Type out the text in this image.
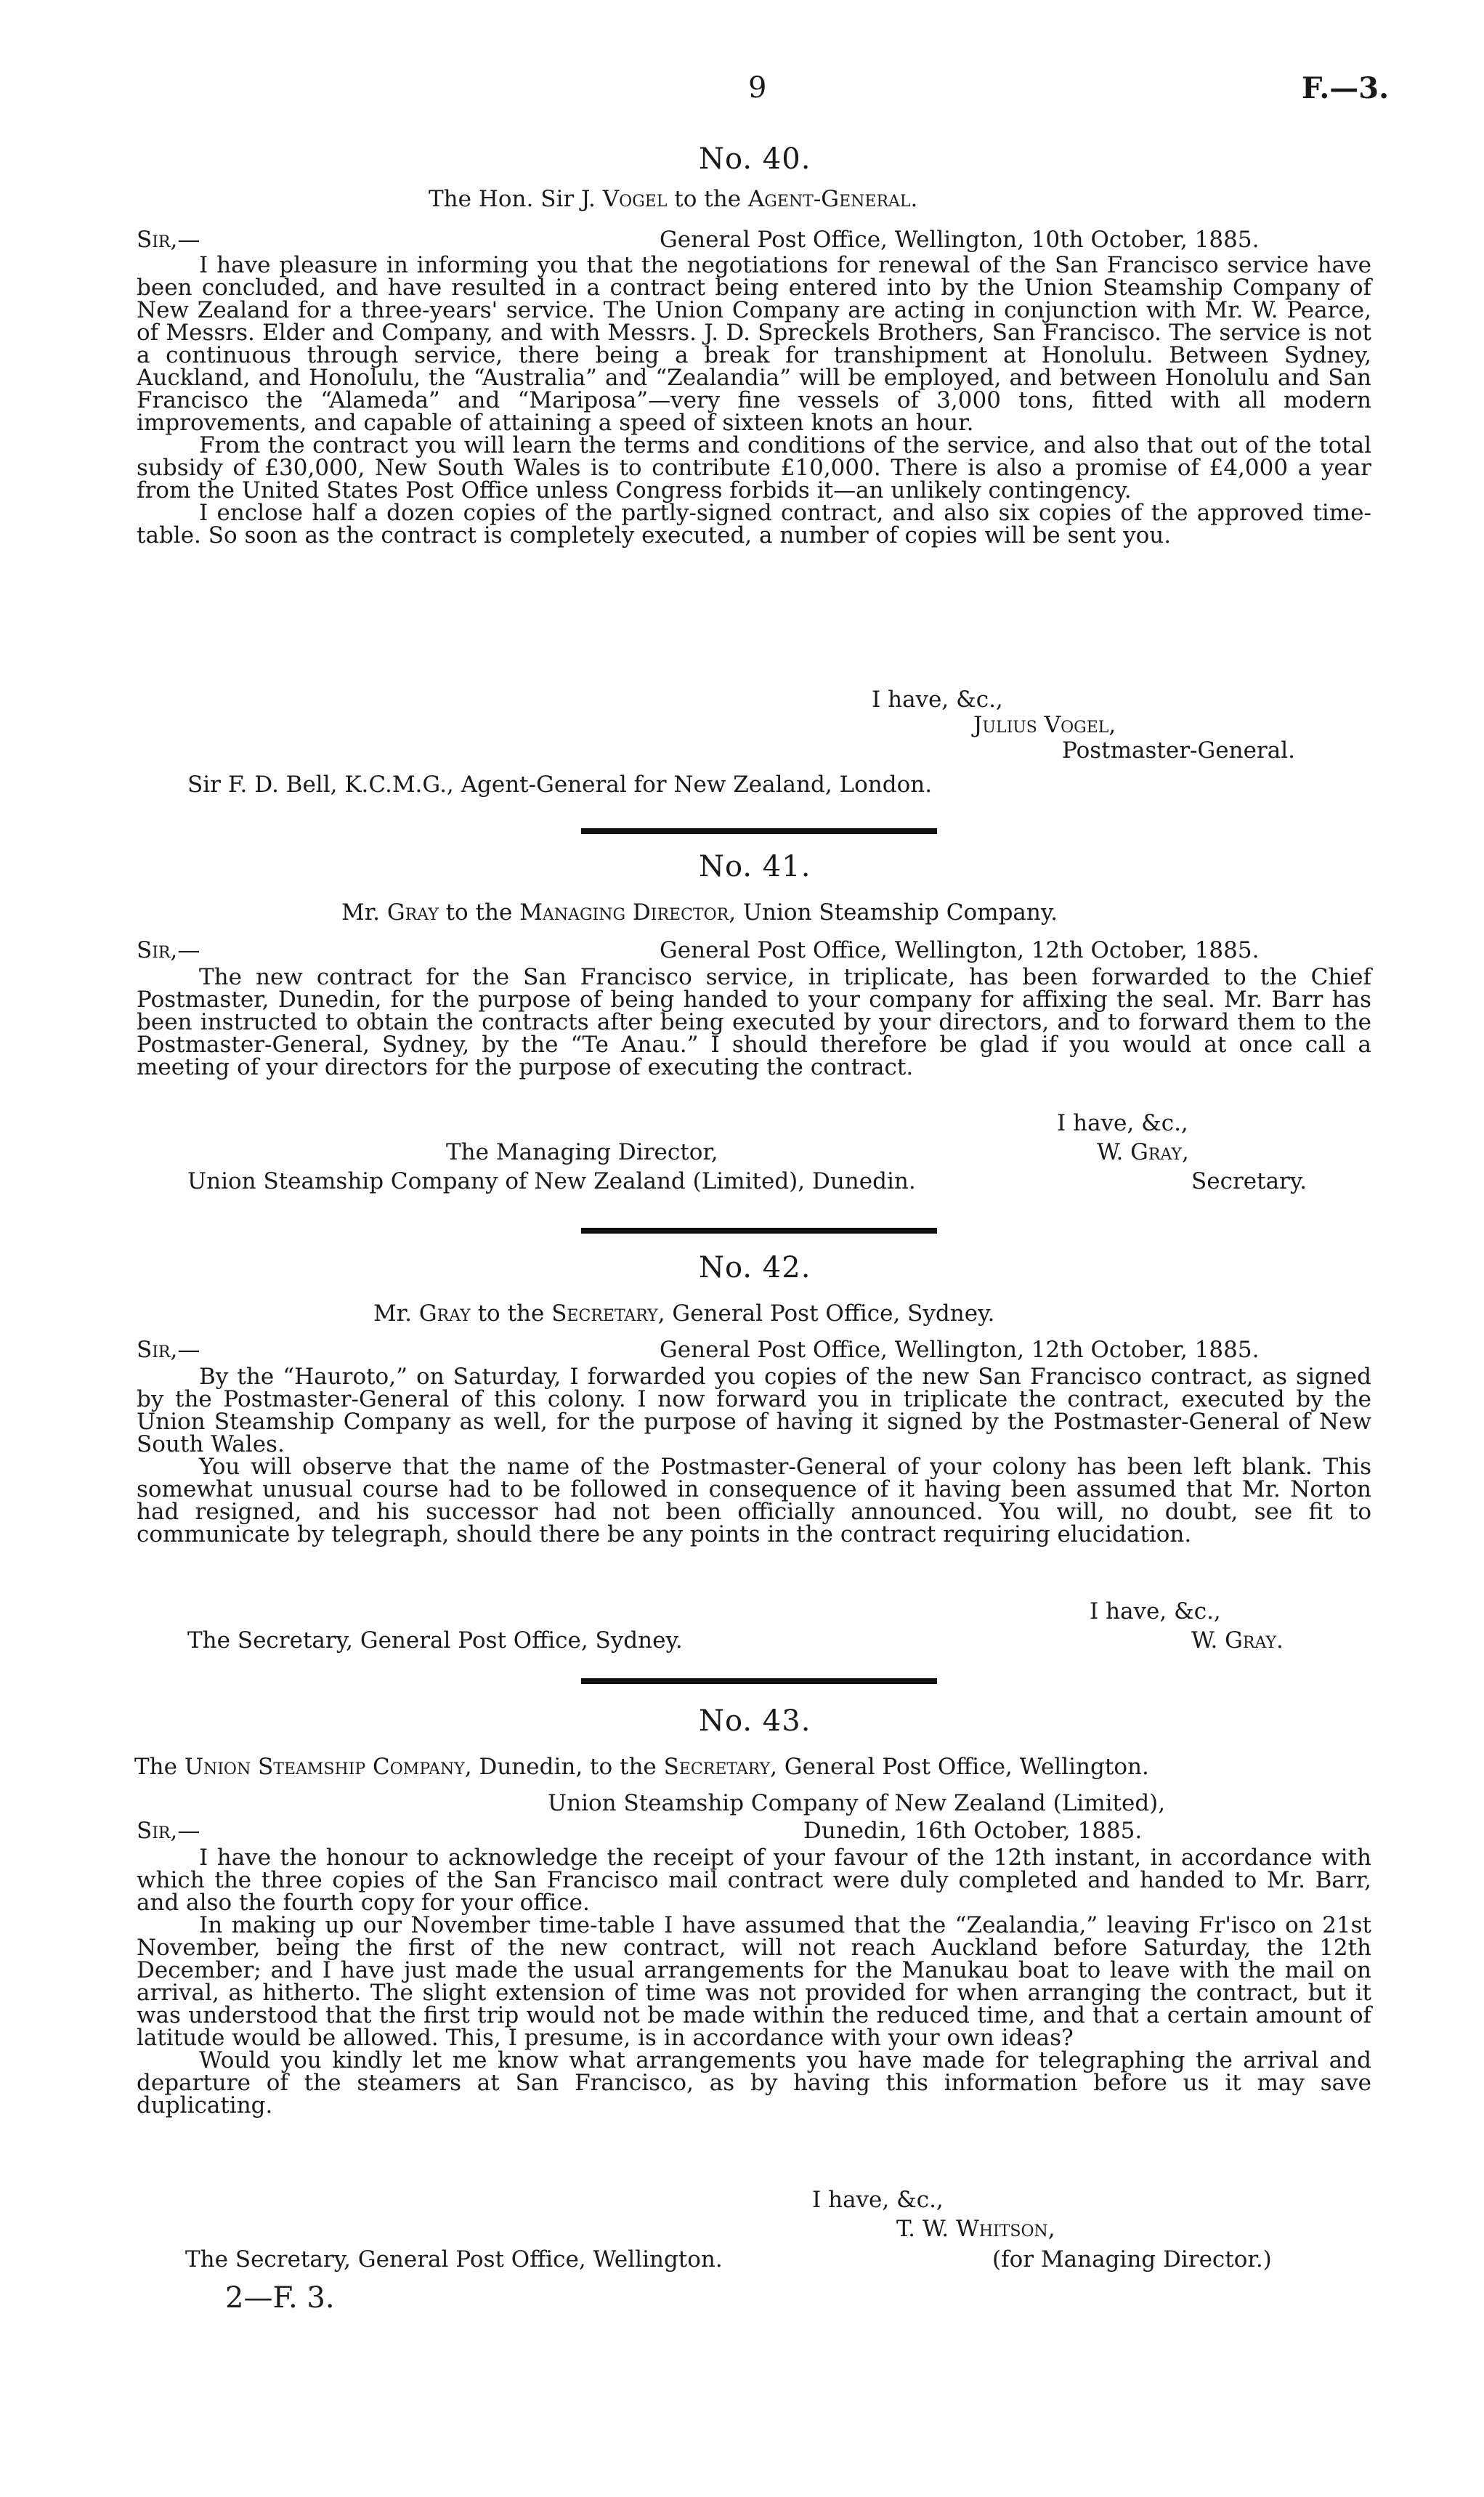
9	F.—3.
No. 40.
The Hon. Sir J. Vogel to the Agent-General.
Sir,—	General Post Office, Wellington, 10th October, 1885.

I have pleasure in informing you that the negotiations for renewal of the San Francisco service have been concluded, and have resulted in a contract being entered into by the Union Steamship Company of New Zealand for a three-years' service. The Union Company are acting in conjunction with Mr. W. Pearce, of Messrs. Elder and Company, and with Messrs. J. D. Spreckels Brothers, San Francisco. The service is not a continuous through service, there being a break for transhipment at Honolulu. Between Sydney, Auckland, and Honolulu, the “Australia” and “Zealandia” will be employed, and between Honolulu and San Francisco the “Alameda” and “Mariposa”—very fine vessels of 3,000 tons, fitted with all modern improvements, and capable of attaining a speed of sixteen knots an hour.

From the contract you will learn the terms and conditions of the service, and also that out of the total subsidy of £30,000, New South Wales is to contribute £10,000. There is also a promise of £4,000 a year from the United States Post Office unless Congress forbids it—an unlikely contingency.

I enclose half a dozen copies of the partly-signed contract, and also six copies of the approved time-table. So soon as the contract is completely executed, a number of copies will be sent you.

I have, &c.,
Julius Vogel,
Postmaster-General.
Sir F. D. Bell, K.C.M.G., Agent-General for New Zealand, London.
No. 41.
Mr. Gray to the Managing Director, Union Steamship Company.
Sir,—	General Post Office, Wellington, 12th October, 1885.

The new contract for the San Francisco service, in triplicate, has been forwarded to the Chief Postmaster, Dunedin, for the purpose of being handed to your company for affixing the seal. Mr. Barr has been instructed to obtain the contracts after being executed by your directors, and to forward them to the Postmaster-General, Sydney, by the “Te Anau.” I should therefore be glad if you would at once call a meeting of your directors for the purpose of executing the contract.

I have, &c.,
The Managing Director,	W. Gray,
Union Steamship Company of New Zealand (Limited), Dunedin.	Secretary.
No. 42.
Mr. Gray to the Secretary, General Post Office, Sydney.
Sir,—	General Post Office, Wellington, 12th October, 1885.

By the “Hauroto,” on Saturday, I forwarded you copies of the new San Francisco contract, as signed by the Postmaster-General of this colony. I now forward you in triplicate the contract, executed by the Union Steamship Company as well, for the purpose of having it signed by the Postmaster-General of New South Wales.

You will observe that the name of the Postmaster-General of your colony has been left blank. This somewhat unusual course had to be followed in consequence of it having been assumed that Mr. Norton had resigned, and his successor had not been officially announced. You will, no doubt, see fit to communicate by telegraph, should there be any points in the contract requiring elucidation.

I have, &c.,
The Secretary, General Post Office, Sydney.	W. Gray.
No. 43.
The Union Steamship Company, Dunedin, to the Secretary, General Post Office, Wellington.
Union Steamship Company of New Zealand (Limited),
Sir,—	Dunedin, 16th October, 1885.

I have the honour to acknowledge the receipt of your favour of the 12th instant, in accordance with which the three copies of the San Francisco mail contract were duly completed and handed to Mr. Barr, and also the fourth copy for your office.

In making up our November time-table I have assumed that the “Zealandia,” leaving Fr'isco on 21st November, being the first of the new contract, will not reach Auckland before Saturday, the 12th December; and I have just made the usual arrangements for the Manukau boat to leave with the mail on arrival, as hitherto. The slight extension of time was not provided for when arranging the contract, but it was understood that the first trip would not be made within the reduced time, and that a certain amount of latitude would be allowed. This, I presume, is in accordance with your own ideas?

Would you kindly let me know what arrangements you have made for telegraphing the arrival and departure of the steamers at San Francisco, as by having this information before us it may save duplicating.

I have, &c.,
T. W. Whitson,
The Secretary, General Post Office, Wellington.	(for Managing Director.)
2—F. 3.
